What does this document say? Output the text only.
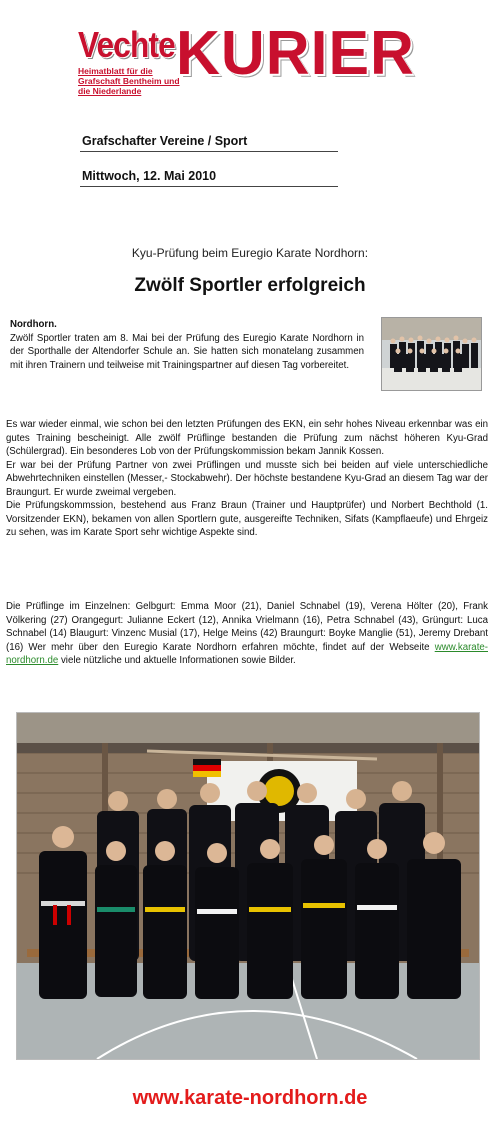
Vechte KURIER
Heimatblatt für die Grafschaft Bentheim und die Niederlande
Grafschafter Vereine / Sport
Mittwoch, 12. Mai 2010
Kyu-Prüfung beim Euregio Karate Nordhorn:
Zwölf Sportler erfolgreich
Nordhorn.
Zwölf Sportler traten am 8. Mai bei der Prüfung des Euregio Karate Nordhorn in der Sporthalle der Altendorfer Schule an. Sie hatten sich monatelang zusammen mit ihren Trainern und teilweise mit Trainingspartner auf diesen Tag vorbereitet.
Es war wieder einmal, wie schon bei den letzten Prüfungen des EKN, ein sehr hohes Niveau erkennbar was ein gutes Training bescheinigt. Alle zwölf Prüflinge bestanden die Prüfung zum nächst höheren Kyu-Grad (Schülergrad). Ein besonderes Lob von der Prüfungskommission bekam Jannik Kossen.
Er war bei der Prüfung Partner von zwei Prüflingen und musste sich bei beiden auf viele unterschiedliche Abwehrtechniken einstellen (Messer,- Stockabwehr). Der höchste bestandene Kyu-Grad an diesem Tag war der Braungurt. Er wurde zweimal vergeben.
Die Prüfungskommssion, bestehend aus Franz Braun (Trainer und Hauptprüfer) und Norbert Bechthold (1. Vorsitzender EKN), bekamen von allen Sportlern gute, ausgereifte Techniken, Sifats (Kampflaeufe) und Ehrgeiz zu sehen, was im Karate Sport sehr wichtige Aspekte sind.
Die Prüflinge im Einzelnen: Gelbgurt: Emma Moor (21), Daniel Schnabel (19), Verena Hölter (20), Frank Völkering (27) Orangegurt: Julianne Eckert (12), Annika Vrielmann (16), Petra Schnabel (43), Grüngurt: Luca Schnabel (14) Blaugurt: Vinzenc Musial (17), Helge Meins (42) Braungurt: Boyke Manglie (51), Jeremy Drebant (16) Wer mehr über den Euregio Karate Nordhorn erfahren möchte, findet auf der Webseite www.karate-nordhorn.de viele nützliche und aktuelle Informationen sowie Bilder.
www.karate-nordhorn.de
